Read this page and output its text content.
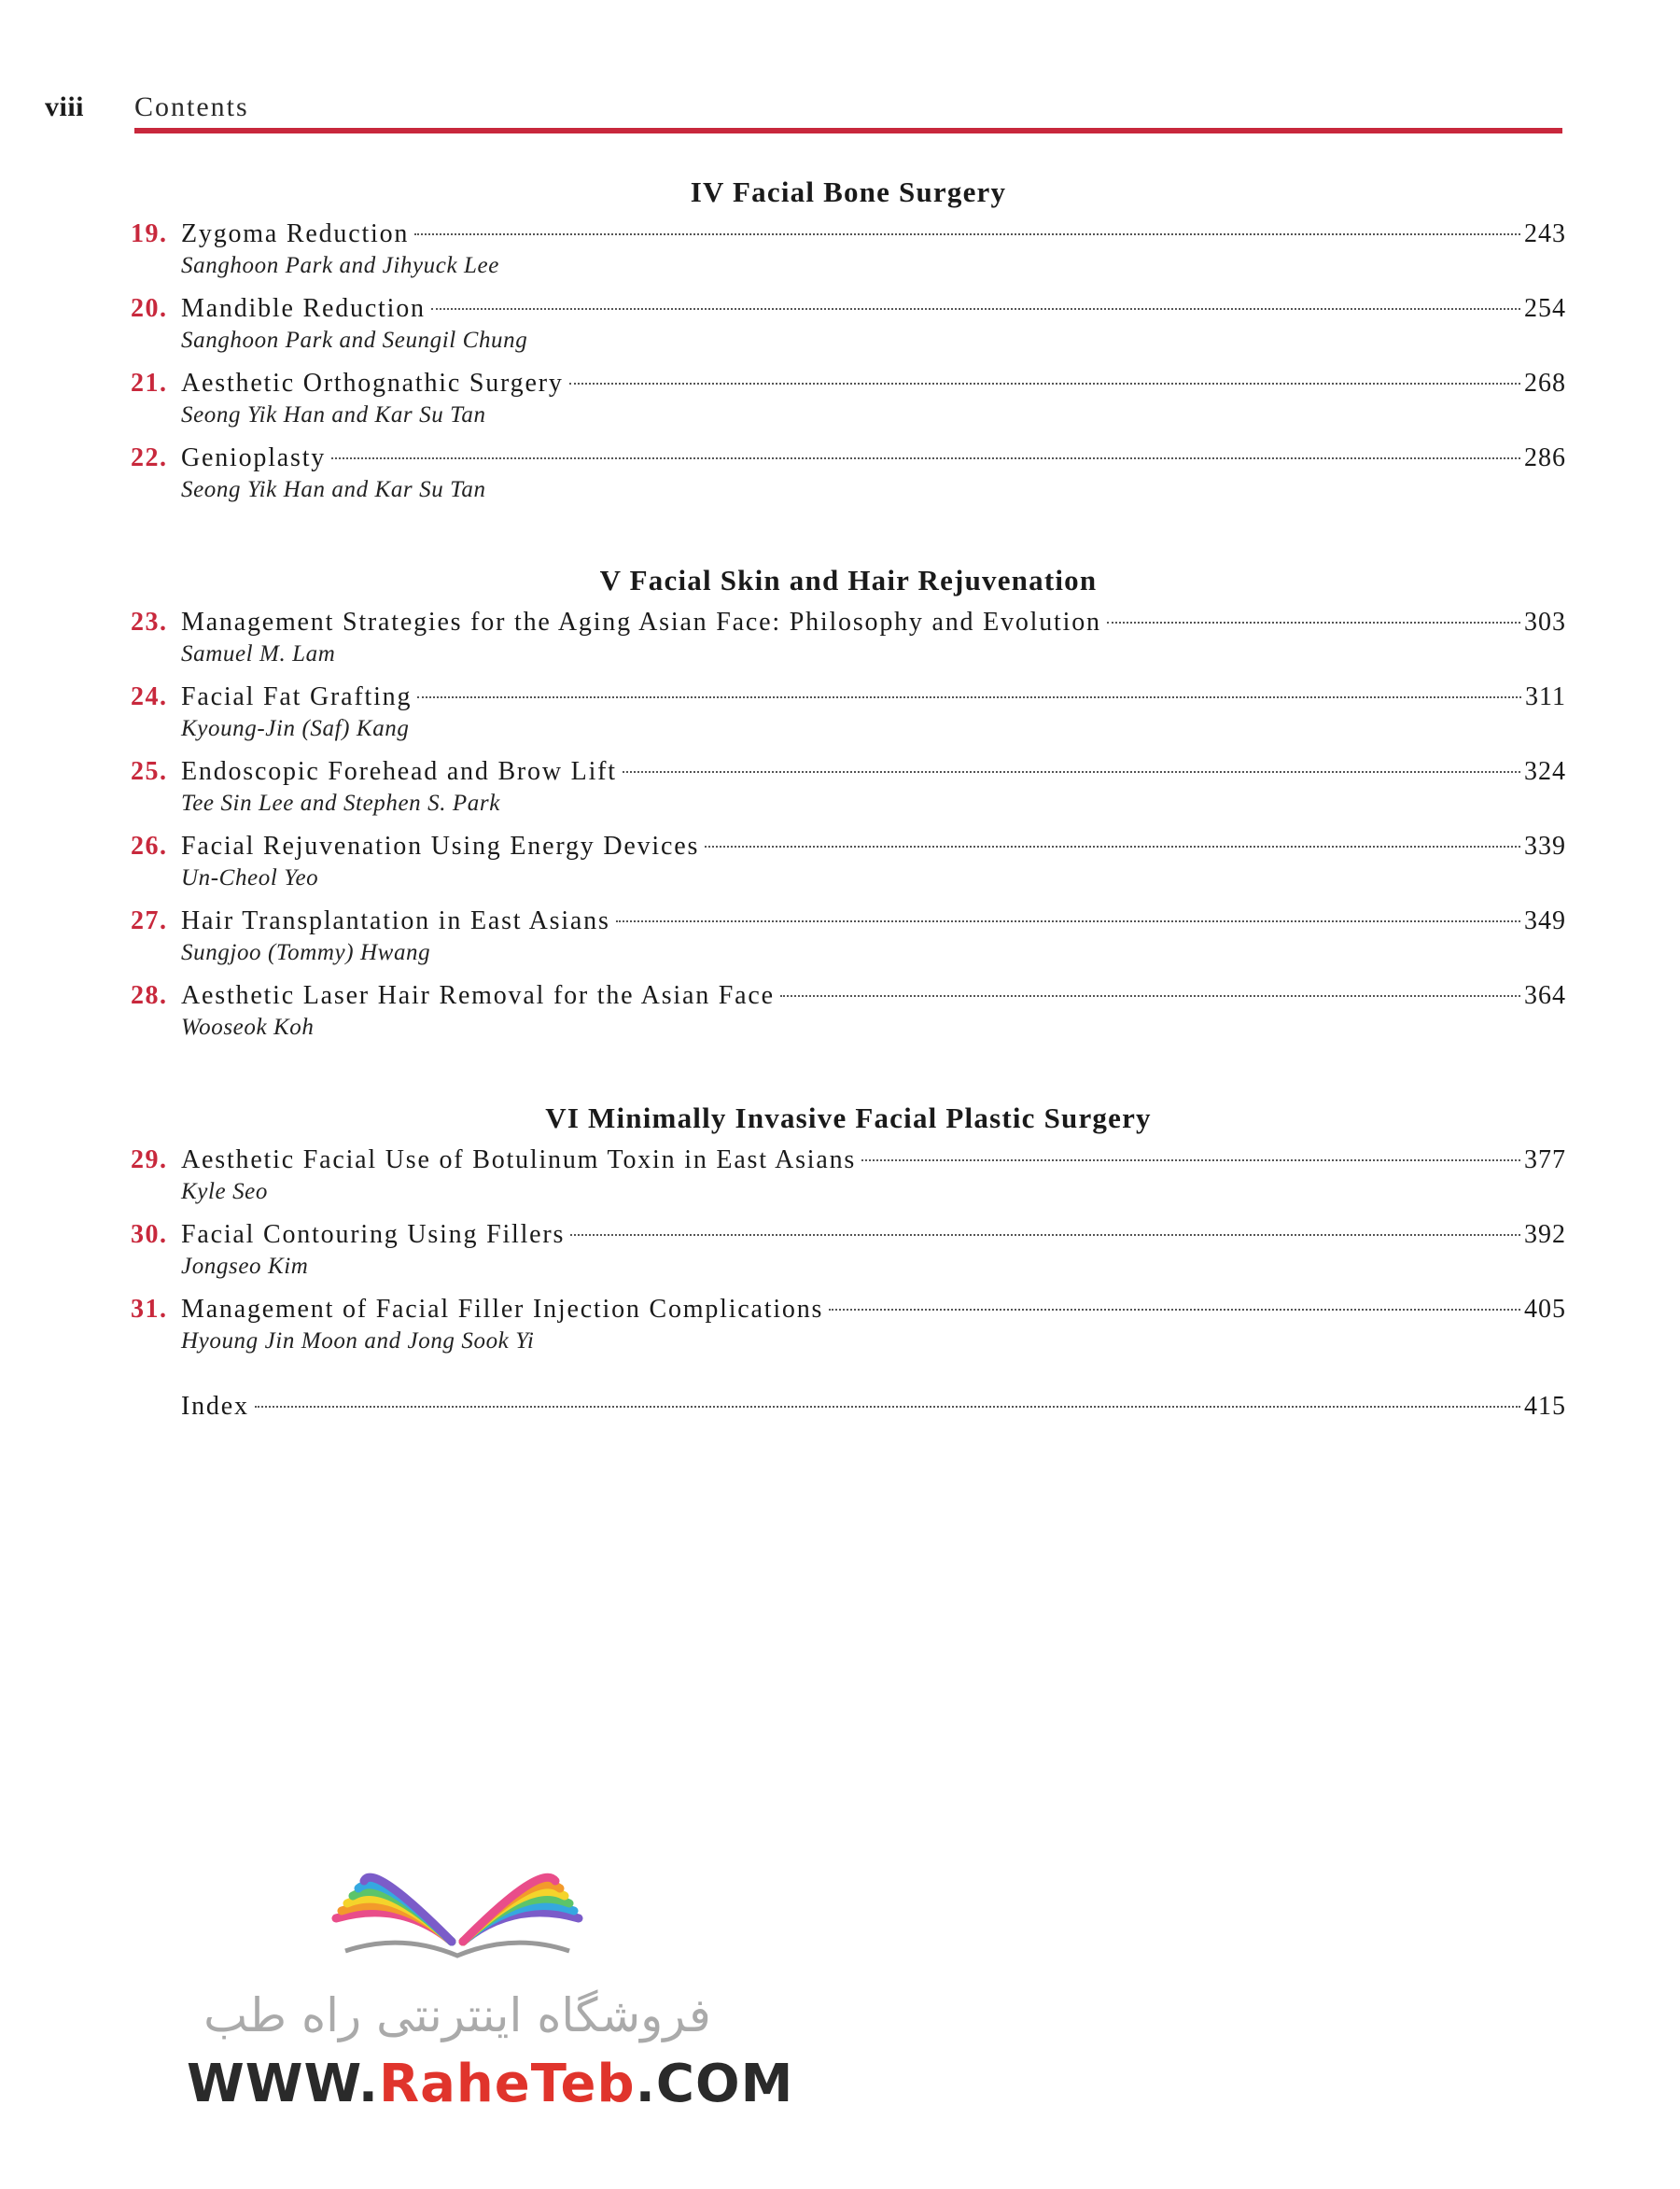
viii Contents
IV Facial Bone Surgery
19. Zygoma Reduction	243
Sanghoon Park and Jihyuck Lee
20. Mandible Reduction	254
Sanghoon Park and Seungil Chung
21. Aesthetic Orthognathic Surgery	268
Seong Yik Han and Kar Su Tan
22. Genioplasty	286
Seong Yik Han and Kar Su Tan
V Facial Skin and Hair Rejuvenation
23. Management Strategies for the Aging Asian Face: Philosophy and Evolution	303
Samuel M. Lam
24. Facial Fat Grafting	311
Kyoung-Jin (Saf) Kang
25. Endoscopic Forehead and Brow Lift	324
Tee Sin Lee and Stephen S. Park
26. Facial Rejuvenation Using Energy Devices	339
Un-Cheol Yeo
27. Hair Transplantation in East Asians	349
Sungjoo (Tommy) Hwang
28. Aesthetic Laser Hair Removal for the Asian Face	364
Wooseok Koh
VI Minimally Invasive Facial Plastic Surgery
29. Aesthetic Facial Use of Botulinum Toxin in East Asians	377
Kyle Seo
30. Facial Contouring Using Fillers	392
Jongseo Kim
31. Management of Facial Filler Injection Complications	405
Hyoung Jin Moon and Jong Sook Yi
Index	415
فروشگاه اینترنتی راه طب
WWW.RaheTeb.COM
